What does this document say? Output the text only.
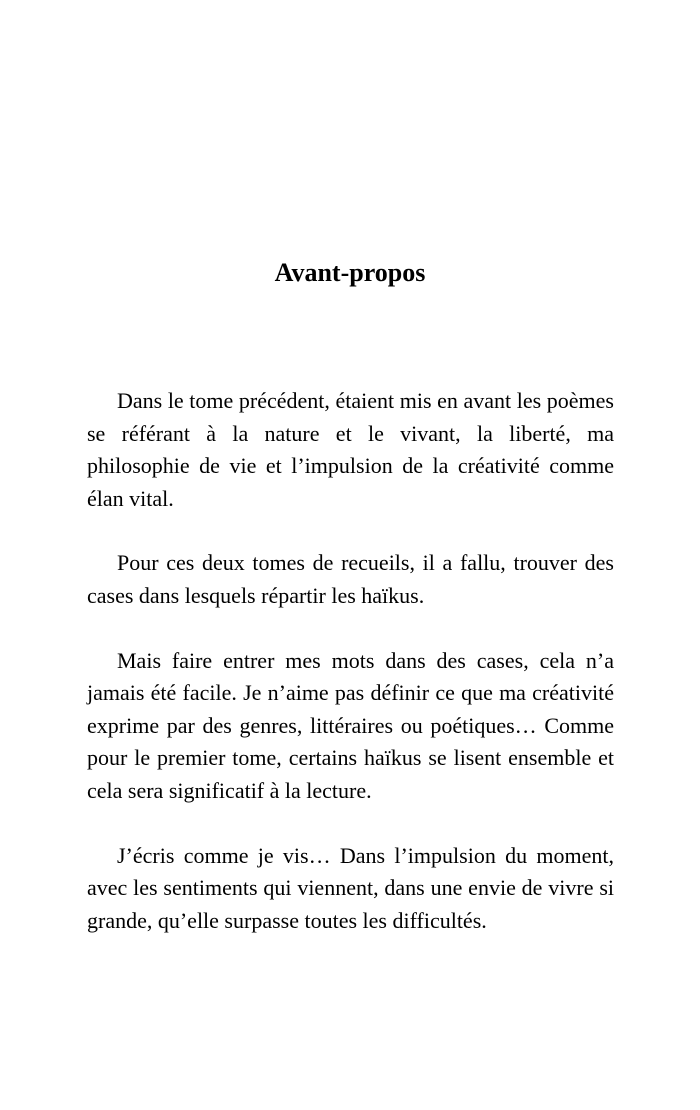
Avant-propos

Dans le tome précédent, étaient mis en avant les poèmes se référant à la nature et le vivant, la liberté, ma philosophie de vie et l’impulsion de la créativité comme élan vital.

Pour ces deux tomes de recueils, il a fallu, trouver des cases dans lesquels répartir les haïkus.

Mais faire entrer mes mots dans des cases, cela n’a jamais été facile. Je n’aime pas définir ce que ma créativité exprime par des genres, littéraires ou poétiques… Comme pour le premier tome, certains haïkus se lisent ensemble et cela sera significatif à la lecture.

J’écris comme je vis… Dans l’impulsion du moment, avec les sentiments qui viennent, dans une envie de vivre si grande, qu’elle surpasse toutes les difficultés.
